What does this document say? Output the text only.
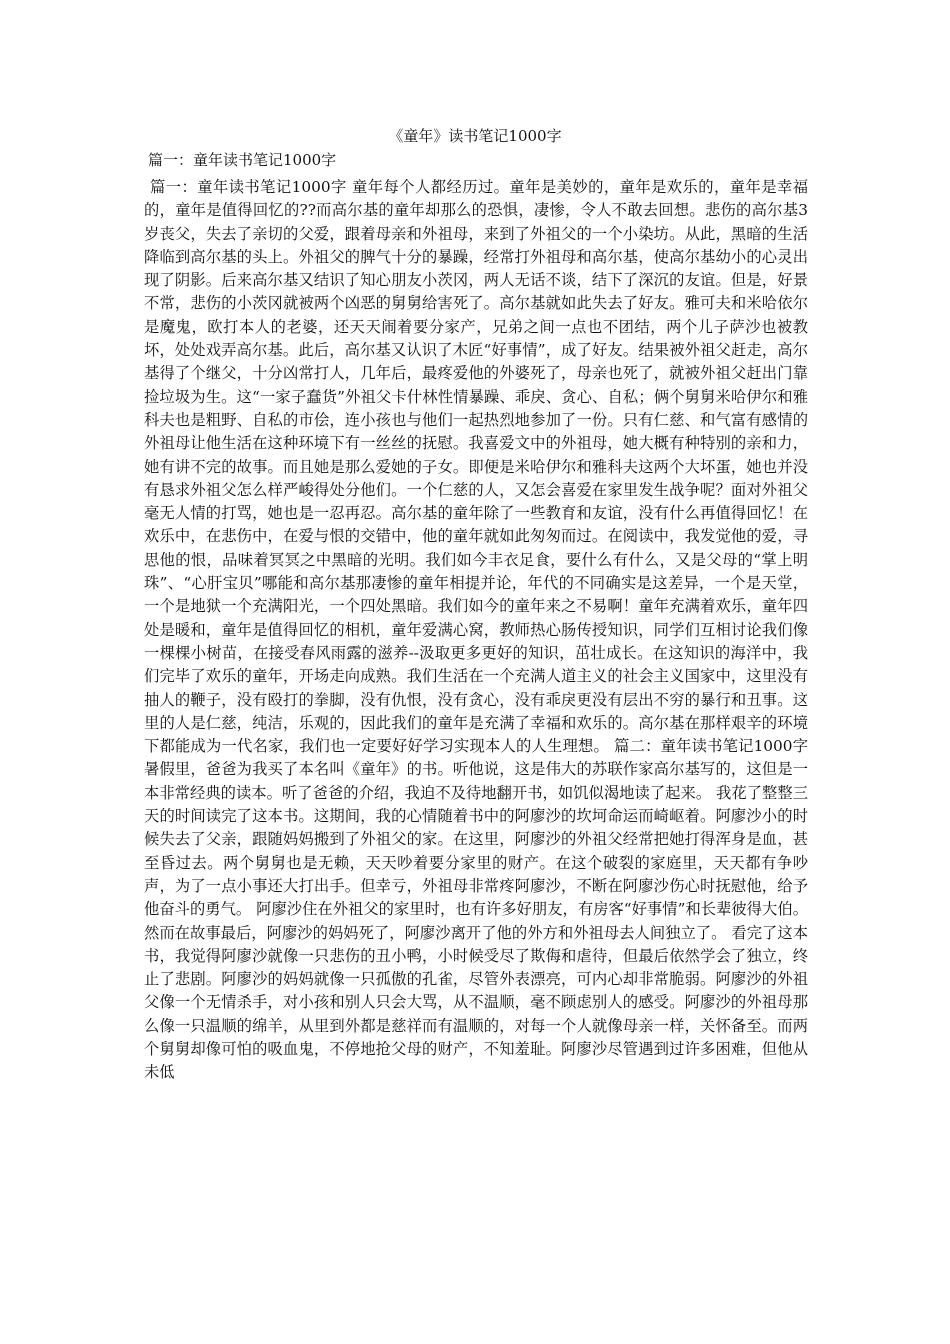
《童年》读书笔记1000字
篇一：童年读书笔记1000字
篇一：童年读书笔记1000字 童年每个人都经历过。童年是美妙的，童年是欢乐的，童年是幸福的，童年是值得回忆的??而高尔基的童年却那么的恐惧，凄惨，令人不敢去回想。悲伤的高尔基3岁丧父，失去了亲切的父爱，跟着母亲和外祖母，来到了外祖父的一个小染坊。从此，黑暗的生活降临到高尔基的头上。外祖父的脾气十分的暴躁，经常打外祖母和高尔基，使高尔基幼小的心灵出现了阴影。后来高尔基又结识了知心朋友小茨冈，两人无话不谈，结下了深沉的友谊。但是，好景不常，悲伤的小茨冈就被两个凶恶的舅舅给害死了。高尔基就如此失去了好友。雅可夫和米哈依尔是魔鬼，欧打本人的老婆，还天天闹着要分家产，兄弟之间一点也不团结，两个儿子萨沙也被教坏，处处戏弄高尔基。此后，高尔基又认识了木匠“好事情”，成了好友。结果被外祖父赶走，高尔基得了个继父，十分凶常打人，几年后，最疼爱他的外婆死了，母亲也死了，就被外祖父赶出门靠捡垃圾为生。这“一家子蠢货”外祖父卡什林性情暴躁、乖戾、贪心、自私；俩个舅舅米哈伊尔和雅科夫也是粗野、自私的市侩，连小孩也与他们一起热烈地参加了一份。只有仁慈、和气富有感情的外祖母让他生活在这种环境下有一丝丝的抚慰。我喜爱文中的外祖母，她大概有种特别的亲和力，她有讲不完的故事。而且她是那么爱她的子女。即便是米哈伊尔和雅科夫这两个大坏蛋，她也并没有恳求外祖父怎么样严峻得处分他们。一个仁慈的人，又怎会喜爱在家里发生战争呢？面对外祖父毫无人情的打骂，她也是一忍再忍。高尔基的童年除了一些教育和友谊，没有什么再值得回忆！在欢乐中，在悲伤中，在爱与恨的交错中，他的童年就如此匆匆而过。在阅读中，我发觉他的爱，寻思他的恨，品味着冥冥之中黑暗的光明。我们如今丰衣足食，要什么有什么，又是父母的“掌上明珠”、“心肝宝贝”哪能和高尔基那凄惨的童年相提并论，年代的不同确实是这差异，一个是天堂，一个是地狱一个充满阳光，一个四处黑暗。我们如今的童年来之不易啊！童年充满着欢乐，童年四处是暖和，童年是值得回忆的相机，童年爱满心窝，教师热心肠传授知识，同学们互相讨论我们像一棵棵小树苗，在接受春风雨露的滋养--汲取更多更好的知识，茁壮成长。在这知识的海洋中，我们完毕了欢乐的童年，开场走向成熟。我们生活在一个充满人道主义的社会主义国家中，这里没有抽人的鞭子，没有殴打的拳脚，没有仇恨，没有贪心，没有乖戾更没有层出不穷的暴行和丑事。这里的人是仁慈，纯洁，乐观的，因此我们的童年是充满了幸福和欢乐的。高尔基在那样艰辛的环境下都能成为一代名家，我们也一定要好好学习实现本人的人生理想。 篇二：童年读书笔记1000字 暑假里，爸爸为我买了本名叫《童年》的书。听他说，这是伟大的苏联作家高尔基写的，这但是一本非常经典的读本。听了爸爸的介绍，我迫不及待地翻开书，如饥似渴地读了起来。 我花了整整三天的时间读完了这本书。这期间，我的心情随着书中的阿廖沙的坎坷命运而崎岖着。阿廖沙小的时候失去了父亲，跟随妈妈搬到了外祖父的家。在这里，阿廖沙的外祖父经常把她打得浑身是血，甚至昏过去。两个舅舅也是无赖，天天吵着要分家里的财产。在这个破裂的家庭里，天天都有争吵声，为了一点小事还大打出手。但幸亏，外祖母非常疼阿廖沙，不断在阿廖沙伤心时抚慰他，给予他奋斗的勇气。 阿廖沙住在外祖父的家里时，也有许多好朋友，有房客“好事情”和长辈彼得大伯。然而在故事最后，阿廖沙的妈妈死了，阿廖沙离开了他的外方和外祖母去人间独立了。 看完了这本书，我觉得阿廖沙就像一只悲伤的丑小鸭，小时候受尽了欺侮和虐待，但最后依然学会了独立，终止了悲剧。阿廖沙的妈妈就像一只孤傲的孔雀，尽管外表漂亮，可内心却非常脆弱。阿廖沙的外祖父像一个无情杀手，对小孩和别人只会大骂，从不温顺，毫不顾虑别人的感受。阿廖沙的外祖母那么像一只温顺的绵羊，从里到外都是慈祥而有温顺的，对每一个人就像母亲一样，关怀备至。而两个舅舅却像可怕的吸血鬼，不停地抢父母的财产，不知羞耻。阿廖沙尽管遇到过许多困难，但他从未低
